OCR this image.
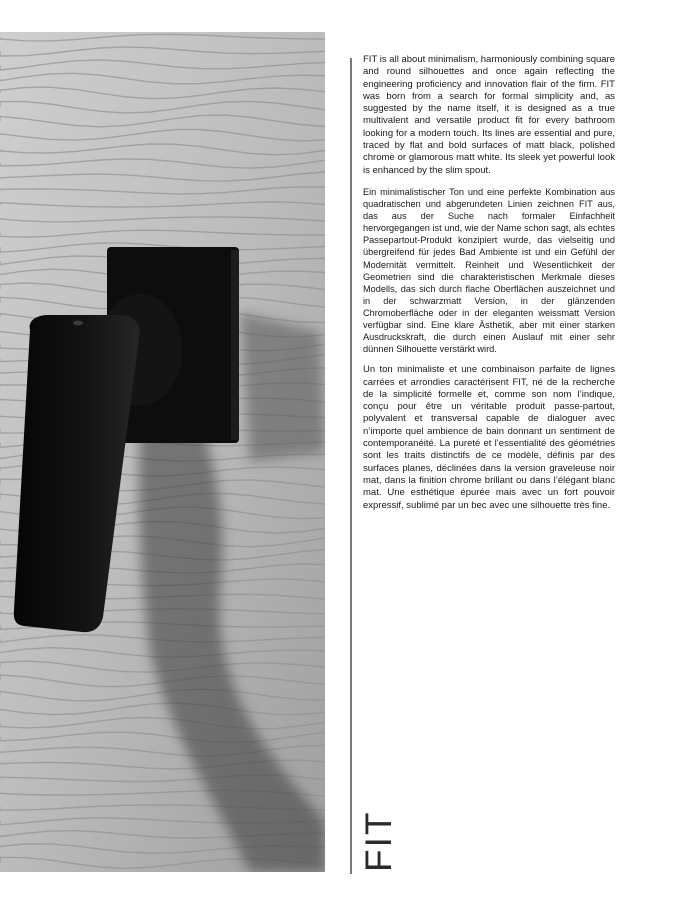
FIT is all about minimalism, harmoniously combining square and round silhouettes and once again reflecting the engineering proficiency and innovation flair of the firm. FIT was born from a search for formal simplicity and, as suggested by the name itself, it is designed as a true multivalent and versatile product fit for every bathroom looking for a modern touch. Its lines are essential and pure, traced by flat and bold surfaces of matt black, polished chrome or glamorous matt white. Its sleek yet powerful look is enhanced by the slim spout.

Ein minimalistischer Ton und eine perfekte Kombination aus quadratischen und abgerundeten Linien zeichnen FIT aus, das aus der Suche nach formaler Einfachheit hervorgegangen ist und, wie der Name schon sagt, als echtes Passepartout-Produkt konzipiert wurde, das vielseitig und übergreifend für jedes Bad Ambiente ist und ein Gefühl der Modernität vermittelt. Reinheit und Wesentlichkeit der Geometrien sind die charakteristischen Merkmale dieses Modells, das sich durch flache Oberflächen auszeichnet und in der schwarzmatt Version, in der glänzenden Chromoberfläche oder in der eleganten weissmatt Version verfügbar sind. Eine klare Ästhetik, aber mit einer starken Ausdruckskraft, die durch einen Auslauf mit einer sehr dünnen Silhouette verstärkt wird.

Un ton minimaliste et une combinaison parfaite de lignes carrées et arrondies caractérisent FIT, né de la recherche de la simplicité formelle et, comme son nom l’indique, conçu pour être un véritable produit passe-partout, polyvalent et transversal capable de dialoguer avec n’importe quel ambience de bain donnant un sentiment de contemporanéité. La pureté et l’essentialité des géométries sont les traits distinctifs de ce modèle, définis par des surfaces planes, déclinées dans la version graveleuse noir mat, dans la finition chrome brillant ou dans l’élégant blanc mat. Une esthétique épurée mais avec un fort pouvoir expressif, sublimé par un bec avec une silhouette très fine.

FIT
